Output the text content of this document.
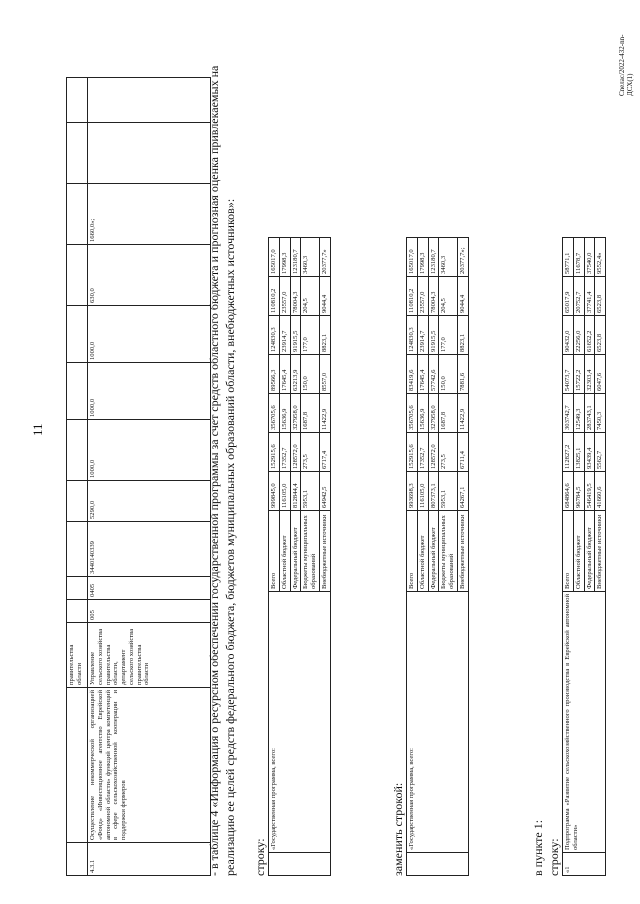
11
		правительства
области											
4.3.1	Осуществление некоммерческой организацией «Фонд» «Инвестиционное агентство Еврейской автономной области» функций центра компетенций в сфере сельскохозяйственной кооперации и поддержки фермеров	Управление сельского хозяйства правительства области, департамент сельского хозяйства правительства области	005	0405	3440140339	5290,0	1000,0	1000,0	1000,0	630,0	1660,0»;			- в таблице 4 «Информация о ресурсном обеспечении государственной программы за счет средств областного бюджета и прогнозная оценка привлекаемых на реализацию ее целей средств федерального бюджета, бюджетов муниципальных образований области, внебюджетных источников»: строку:
	«Государственная программа, всего:	Всего	999845,0	152915,6	356705,6	89566,3	124830,3	110810,2	165017,0
		Областной бюджет	116105,0	17352,7	15636,9	17645,4	23914,7	23557,0	17998,3
		Федеральный бюджет	812844,4	128572,0	327958,0	63213,9	91915,5	78004,3	123180,7
		Бюджеты муниципальных образований	5953,1	273,5	1687,8	150,0	177,0	204,5	3460,3
		Внебюджетные источники	64942,5	6717,4	11422,9	8557,0	8823,1	9044,4	20377,7»
заменить строкой:
	«Государственная программа, всего:	Всего	993698,3	152915,6	356705,6	83419,6	124830,3	110810,2	165017,0
		Областной бюджет	116105,0	17352,7	15636,9	17645,4	23914,7	23557,0	17998,3
		Федеральный бюджет	807373,1	128572,0	327958,0	57742,6	91915,5	78004,3	123180,7
		Бюджеты муниципальных образований	5953,1	273,5	1687,8	150,0	177,0	204,5	3460,3
		Внебюджетные источники	64267,1	6711,4	11422,9	7881,6	8823,1	9044,4	20377,7»;
в пункте 1: строку: «1	Подпрограмма «Развитие сельскохозяйственного производства в Еврейской автономной области»	Всего	684864,6	112827,2	303742,7	54073,7	90432,0	65017,9	58771,1
		Областной бюджет	96784,5	13825,1	12549,3	15722,2	22256,0	20752,7	11678,7
		Федеральный бюджет	546419,5	93439,4	283743,1	32303,4	61652,2	37741,4	37540,0
		Внебюджетные источники	41660,6	5562,7	7450,3	6047,6	6523,8	6523,8	9552,4»
Сnелас/2022-432-nn-ДСХ(1)
